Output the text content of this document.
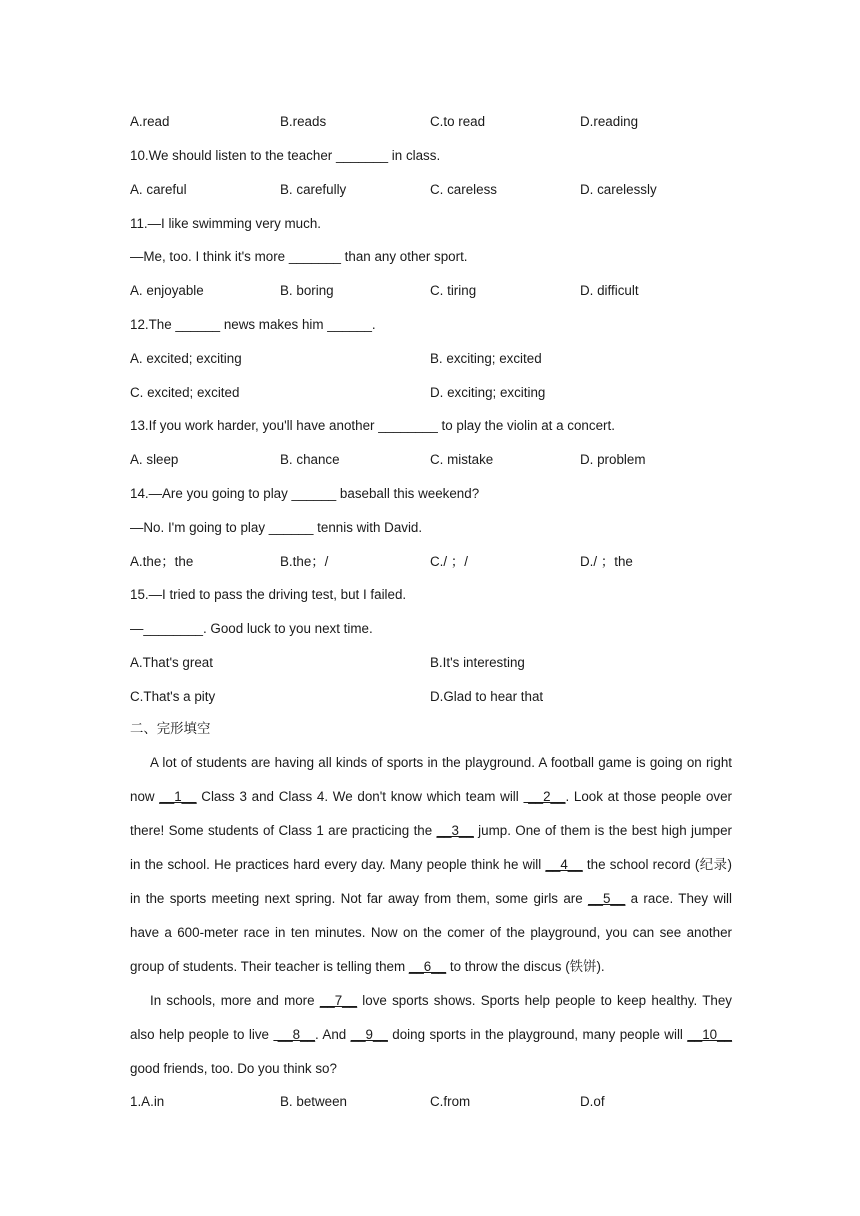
A.read	B.reads	C.to read	D.reading
10.We should listen to the teacher _______ in class.
A. careful	B. carefully	C. careless	D. carelessly
11.—I like swimming very much.
—Me, too. I think it's more _______ than any other sport.
A. enjoyable	B. boring	C. tiring	D. difficult
12.The ______ news makes him ______.
A. excited; exciting	B. exciting; excited
C. excited; excited	D. exciting; exciting
13.If you work harder, you'll have another ________ to play the violin at a concert.
A. sleep	B. chance	C. mistake	D. problem
14.—Are you going to play ______ baseball this weekend?
—No. I'm going to play ______ tennis with David.
A.the；the	B.the；/	C./ ；/	D./ ；the
15.—I tried to pass the driving test, but I failed.
—________. Good luck to you next time.
A.That's great	B.It's interesting
C.That's a pity	D.Glad to hear that
二、完形填空

A lot of students are having all kinds of sports in the playground. A football game is going on right now __1__ Class 3 and Class 4. We don't know which team will  __2__. Look at those people over there! Some students of Class 1 are practicing the __3__ jump. One of them is the best high jumper in the school. He practices hard every day. Many people think he will __4__ the school record (纪录) in the sports meeting next spring. Not far away from them, some girls are __5__ a race. They will have a 600-meter race in ten minutes. Now on the comer of the playground, you can see another group of students. Their teacher is telling them __6__ to throw the discus (铁饼).

In schools, more and more __7__ love sports shows. Sports help people to keep healthy. They also help people to live  __8__. And __9__ doing sports in the playground, many people will __10__ good friends, too. Do you think so?

1.A.in	B. between	C.from	D.of
